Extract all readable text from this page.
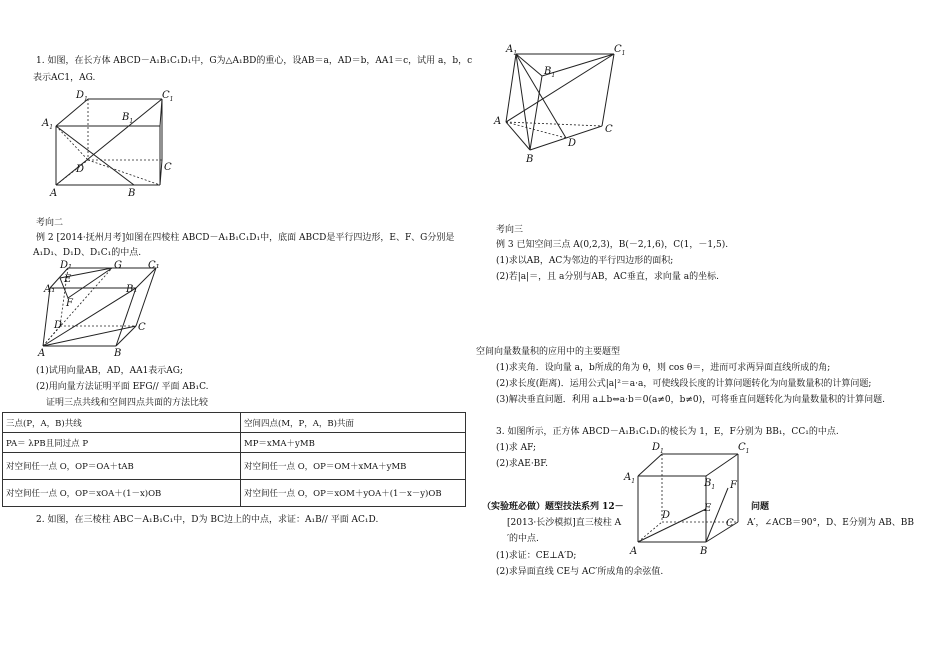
1. 如图，在长方体 ABCD－A₁B₁C₁D₁中，G为△A₁BD的重心，设AB＝a，AD＝b，AA1＝c，试用 a，b，c
表示AC1，AG.
$D_1$	$C_1$
$B_1$
$A_1$
D	C
A	B
考向二
例 2 [2014·抚州月考]如图在四棱柱 ABCD－A₁B₁C₁D₁中，底面 ABCD是平行四边形，E、F、G分别是
A₁D₁、D₁D、D₁C₁的中点.
D₁	G	C₁
E
A₁	B₁
F
D	C
A	B
(1)试用向量AB，AD，AA1表示AG;
(2)用向量方法证明平面 EFG// 平面 AB₁C.
证明三点共线和空间四点共面的方法比较
三点(P，A，B)共线	空间四点(M，P，A，B)共面
PA＝ λPB且同过点 P	MP＝xMA＋yMB
对空间任一点 O，OP＝OA＋tAB	对空间任一点 O，OP＝OM＋xMA＋yMB
对空间任一点 O，OP＝xOA＋(1－x)OB	对空间任一点 O，OP＝xOM＋yOA＋(1－x－y)OB
2. 如图，在三棱柱 ABC－A₁B₁C₁中，D为 BC边上的中点，求证：A₁B// 平面 AC₁D.
$A_1$	$C_1$
$B_1$
A
C
D
B
考向三
例 3 已知空间三点 A(0,2,3)，B(－2,1,6)，C(1，－1,5).
(1)求以AB，AC为邻边的平行四边形的面积;
(2)若|a|＝，且 a分别与AB，AC垂直，求向量 a的坐标.
空间向量数量积的应用中的主要题型
(1)求夹角．设向量 a，b所成的角为 θ，则 cos θ＝，进而可求两异面直线所成的角;
(2)求长度(距离)．运用公式|a|²＝a·a，可使线段长度的计算问题转化为向量数量积的计算问题;
(3)解决垂直问题．利用 a⊥b⇔a·b＝0(a≠0，b≠0)，可将垂直问题转化为向量数量积的计算问题.
3. 如图所示，正方体 ABCD－A₁B₁C₁D₁的棱长为 1，E，F分别为 BB₁，CC₁的中点.
(1)求 AF;
(2)求AE·BF.
（实验班必做）题型技法系列 12－
[2013·长沙模拟]直三棱柱 A
′的中点.
(1)求证：CE⊥A′D;
(2)求异面直线 CE与 AC′所成角的余弦值.
$D_1$	$C_1$
$A_1$	$B_1$ F
E
D
C
A	B
问题
A′，∠ACB＝90°，D、E分别为 AB、BB
